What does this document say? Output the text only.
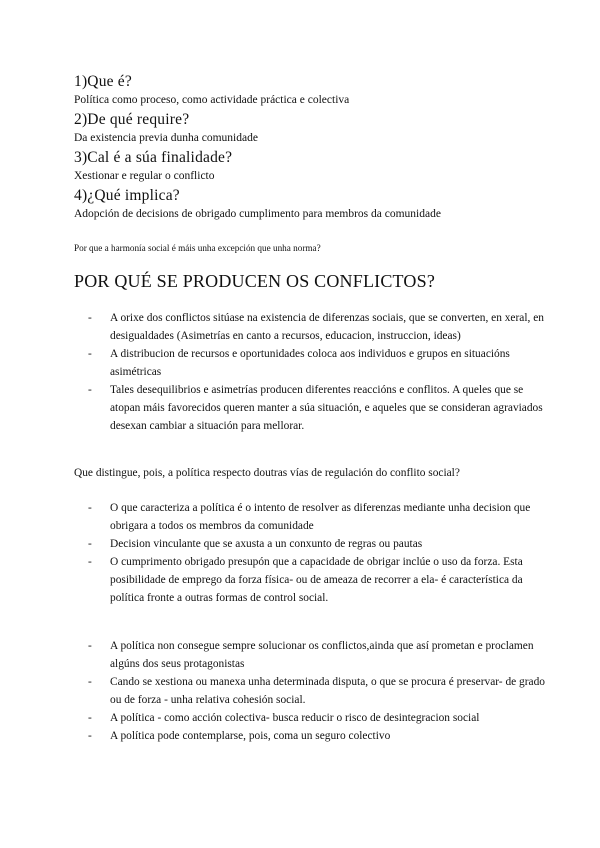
1)Que é?
Política como proceso, como actividade práctica e colectiva
2)De qué require?
Da existencia previa dunha comunidade
3)Cal é a súa finalidade?
Xestionar e regular o conflicto
4)¿Qué implica?
Adopción de decisions de obrigado cumplimento para membros da comunidade
Por que a harmonía social é máis unha excepción que unha norma?
POR QUÉ SE PRODUCEN OS CONFLICTOS?
- A orixe dos conflictos sitúase na existencia de diferenzas sociais, que se converten, en xeral, en desigualdades (Asimetrías en canto a recursos, educacion, instruccion, ideas)
- A distribucion de recursos e oportunidades coloca aos individuos e grupos en situacións asimétricas
- Tales desequilibrios e asimetrías producen diferentes reaccións e conflitos. A queles que se atopan máis favorecidos queren manter a súa situación, e aqueles que se consideran agraviados desexan cambiar a situación para mellorar.
Que distingue, pois, a política respecto doutras vías de regulación do conflito social?
- O que caracteriza a política é o intento de resolver as diferenzas mediante unha decision que obrigara a todos os membros da comunidade
- Decision vinculante que se axusta a un conxunto de regras ou pautas
- O cumprimento obrigado presupón que a capacidade de obrigar inclúe o uso da forza. Esta posibilidade de emprego da forza física- ou de ameaza de recorrer a ela- é característica da política fronte a outras formas de control social.
- A política non consegue sempre solucionar os conflictos,ainda que así prometan e proclamen algúns dos seus protagonistas
- Cando se xestiona ou manexa unha determinada disputa, o que se procura é preservar- de grado ou de forza - unha relativa cohesión social.
- A política - como acción colectiva- busca reducir o risco de desintegracion social
- A política pode contemplarse, pois, coma un seguro colectivo
